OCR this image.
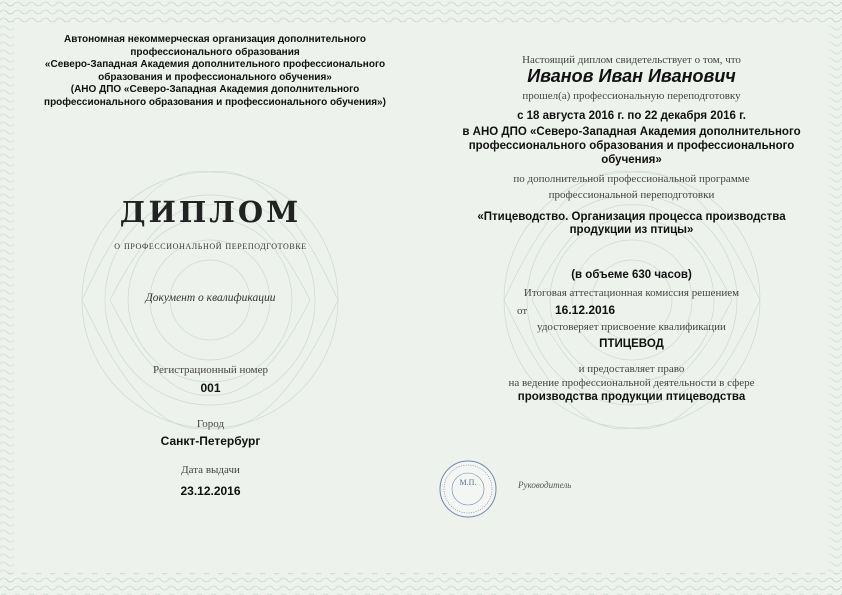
Автономная некоммерческая организация дополнительного
профессионального образования
«Северо-Западная Академия дополнительного профессионального
образования и профессионального обучения»
(АНО ДПО «Северо-Западная Академия дополнительного
профессионального образования и профессионального обучения»)
ДИПЛОМ
о профессиональной переподготовке
Документ о квалификации
Регистрационный номер
001
Город
Санкт-Петербург
Дата выдачи
23.12.2016
Настоящий диплом свидетельствует о том, что
Иванов Иван Иванович
прошел(а) профессиональную переподготовку
с 18 августа 2016 г. по 22 декабря 2016 г.
в АНО ДПО «Северо-Западная Академия дополнительного
профессионального образования и профессионального
обучения»
по дополнительной профессиональной программе
профессиональной переподготовки
«Птицеводство. Организация процесса производства
продукции из птицы»
(в объеме 630 часов)
Итоговая аттестационная комиссия решением
от 16.12.2016
удостоверяет присвоение квалификации
ПТИЦЕВОД
и предоставляет право
на ведение профессиональной деятельности в сфере
производства продукции птицеводства
М.П.	Руководитель
